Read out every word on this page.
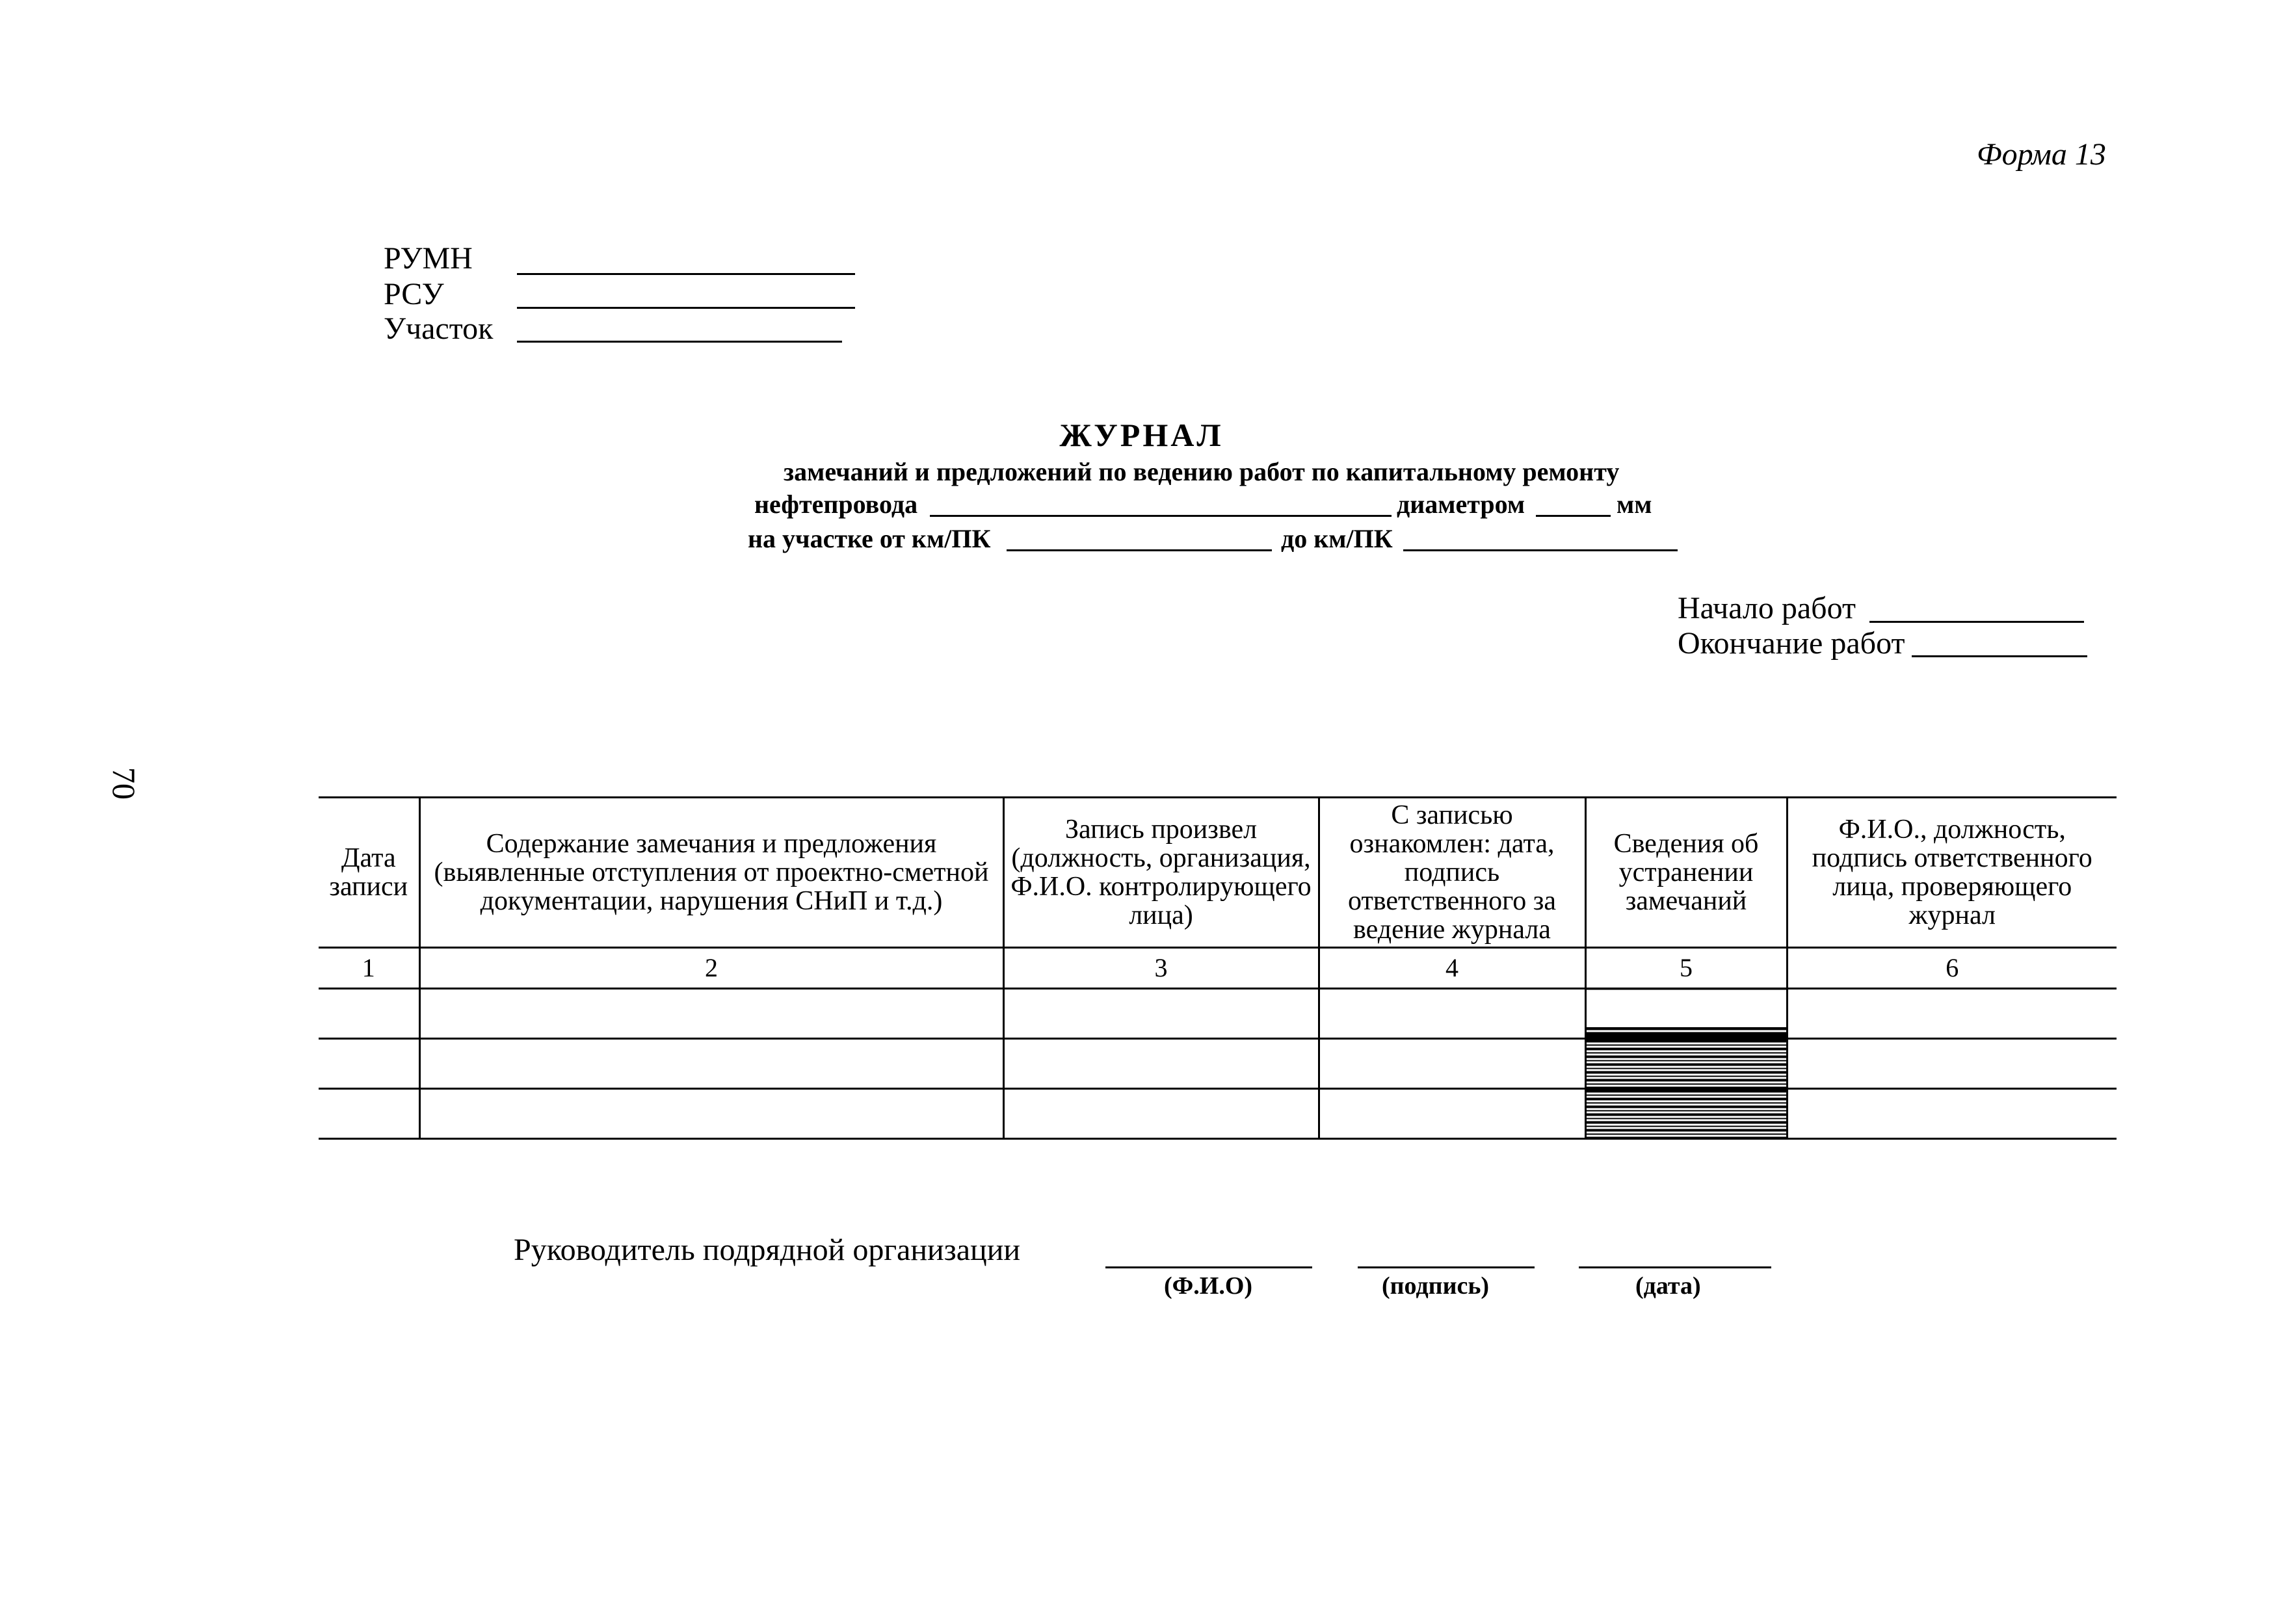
Форма 13
70
РУМН
РСУ
Участок
ЖУРНАЛ
замечаний и предложений по ведению работ по капитальному ремонту
нефтепровода	диаметром	мм
на участке от км/ПК	до км/ПК
Начало работ
Окончание работ
Дата записи	Содержание замечания и предложения (выявленные отступления от проектно-сметной документации, нарушения СНиП и т.д.)	Запись произвел (должность, организация, Ф.И.О. контролирующего лица)	С записью ознакомлен: дата, подпись ответственного за ведение журнала	Сведения об устранении замечаний	Ф.И.О., должность, подпись ответственного лица, проверяющего журнал
1	2	3	4	5	6

Руководитель подрядной организации
(Ф.И.О)	(подпись)	(дата)
